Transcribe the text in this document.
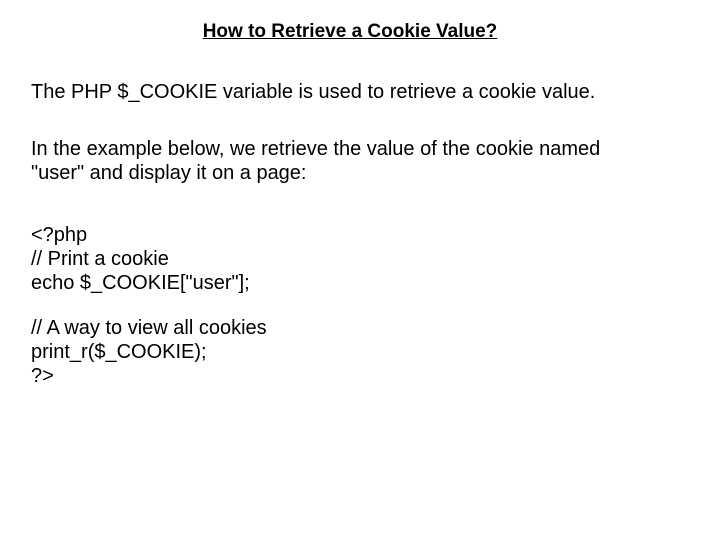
How to Retrieve a Cookie Value?
The PHP $_COOKIE variable is used to retrieve a cookie value.
In the example below, we retrieve the value of the cookie named
"user" and display it on a page:
<?php
// Print a cookie
echo $_COOKIE["user"];
// A way to view all cookies
print_r($_COOKIE);
?>
